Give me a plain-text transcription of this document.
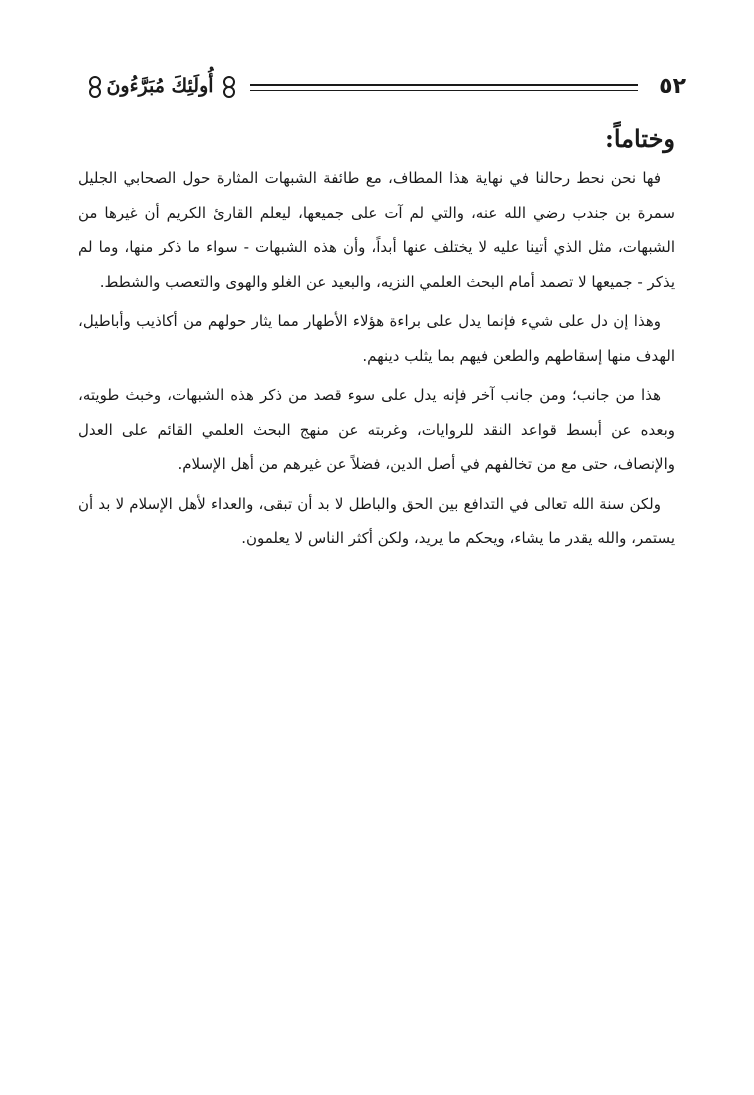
أُولَئِكَ مُبَرَّءُونَ	٥٢
وختاماً:

فها نحن نحط رحالنا في نهاية هذا المطاف، مع طائفة الشبهات المثارة حول الصحابي الجليل سمرة بن جندب رضي الله عنه، والتي لم آت على جميعها، ليعلم القارئ الكريم أن غيرها من الشبهات، مثل الذي أتينا عليه لا يختلف عنها أبداً، وأن هذه الشبهات - سواء ما ذكر منها، وما لم يذكر - جميعها لا تصمد أمام البحث العلمي النزيه، والبعيد عن الغلو والهوى والتعصب والشطط.

وهذا إن دل على شيء فإنما يدل على براءة هؤلاء الأطهار مما يثار حولهم من أكاذيب وأباطيل، الهدف منها إسقاطهم والطعن فيهم بما يثلب دينهم.

هذا من جانب؛ ومن جانب آخر فإنه يدل على سوء قصد من ذكر هذه الشبهات، وخبث طويته، وبعده عن أبسط قواعد النقد للروايات، وغربته عن منهج البحث العلمي القائم على العدل والإنصاف، حتى مع من تخالفهم في أصل الدين، فضلاً عن غيرهم من أهل الإسلام.

ولكن سنة الله تعالى في التدافع بين الحق والباطل لا بد أن تبقى، والعداء لأهل الإسلام لا بد أن يستمر، والله يقدر ما يشاء، ويحكم ما يريد، ولكن أكثر الناس لا يعلمون.
